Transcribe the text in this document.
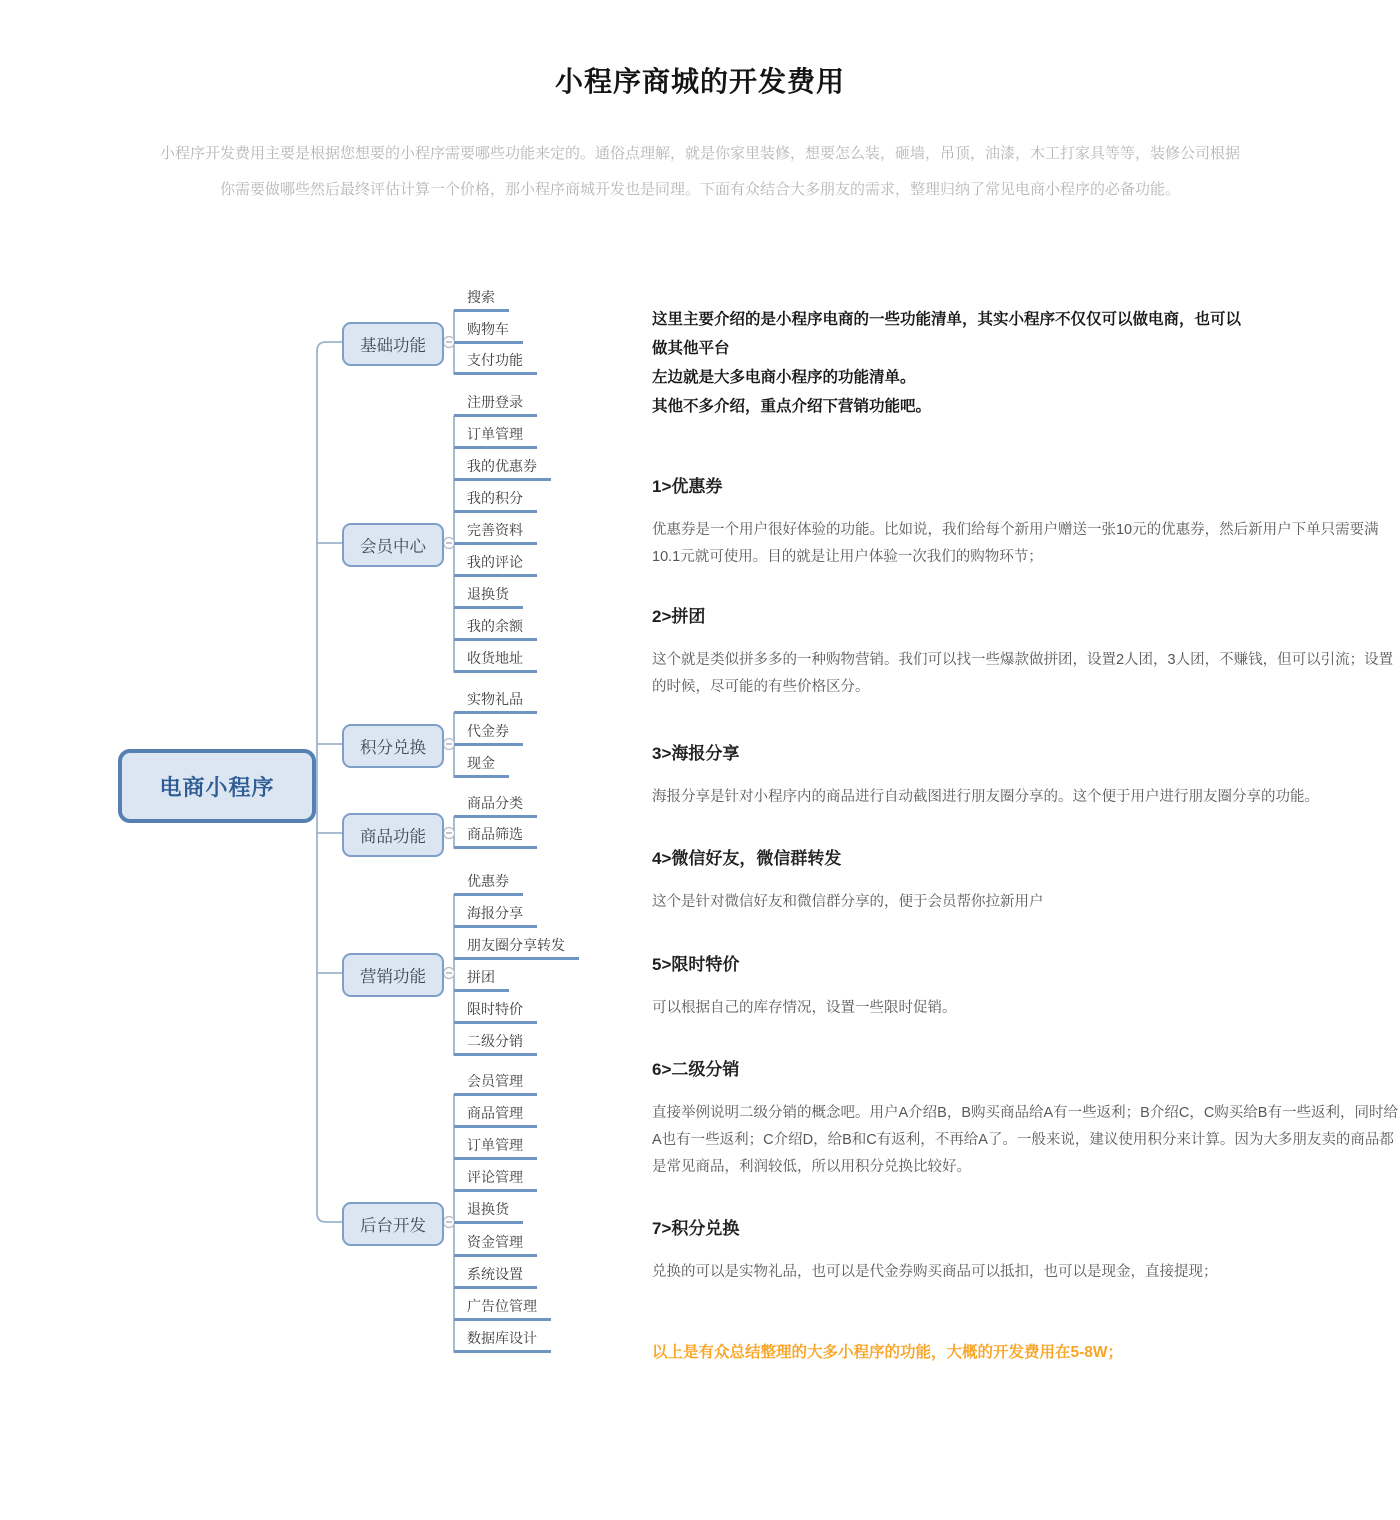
小程序商城的开发费用
小程序开发费用主要是根据您想要的小程序需要哪些功能来定的。通俗点理解，就是你家里装修，想要怎么装，砸墙，吊顶，油漆，木工打家具等等，装修公司根据
你需要做哪些然后最终评估计算一个价格，那小程序商城开发也是同理。下面有众结合大多朋友的需求，整理归纳了常见电商小程序的必备功能。
电商小程序
基础功能
搜索
购物车
支付功能
会员中心
注册登录
订单管理
我的优惠券
我的积分
完善资料
我的评论
退换货
我的余额
收货地址
积分兑换
实物礼品
代金券
现金
商品功能
商品分类
商品筛选
营销功能
优惠券
海报分享
朋友圈分享转发
拼团
限时特价
二级分销
后台开发
会员管理
商品管理
订单管理
评论管理
退换货
资金管理
系统设置
广告位管理
数据库设计
这里主要介绍的是小程序电商的一些功能清单，其实小程序不仅仅可以做电商，也可以
做其他平台
左边就是大多电商小程序的功能清单。
其他不多介绍，重点介绍下营销功能吧。
以上是有众总结整理的大多小程序的功能，大概的开发费用在5-8W；
1>优惠券

优惠券是一个用户很好体验的功能。比如说，我们给每个新用户赠送一张10元的优惠券，然后新用户下单只需要满10.1元就可使用。目的就是让用户体验一次我们的购物环节；

2>拼团

这个就是类似拼多多的一种购物营销。我们可以找一些爆款做拼团，设置2人团，3人团，不赚钱，但可以引流；设置的时候，尽可能的有些价格区分。

3>海报分享

海报分享是针对小程序内的商品进行自动截图进行朋友圈分享的。这个便于用户进行朋友圈分享的功能。

4>微信好友，微信群转发

这个是针对微信好友和微信群分享的，便于会员帮你拉新用户

5>限时特价

可以根据自己的库存情况，设置一些限时促销。

6>二级分销

直接举例说明二级分销的概念吧。用户A介绍B，B购买商品给A有一些返利；B介绍C，C购买给B有一些返利，同时给A也有一些返利；C介绍D，给B和C有返利，不再给A了。一般来说，建议使用积分来计算。因为大多朋友卖的商品都是常见商品，利润较低，所以用积分兑换比较好。

7>积分兑换

兑换的可以是实物礼品，也可以是代金券购买商品可以抵扣，也可以是现金，直接提现；
